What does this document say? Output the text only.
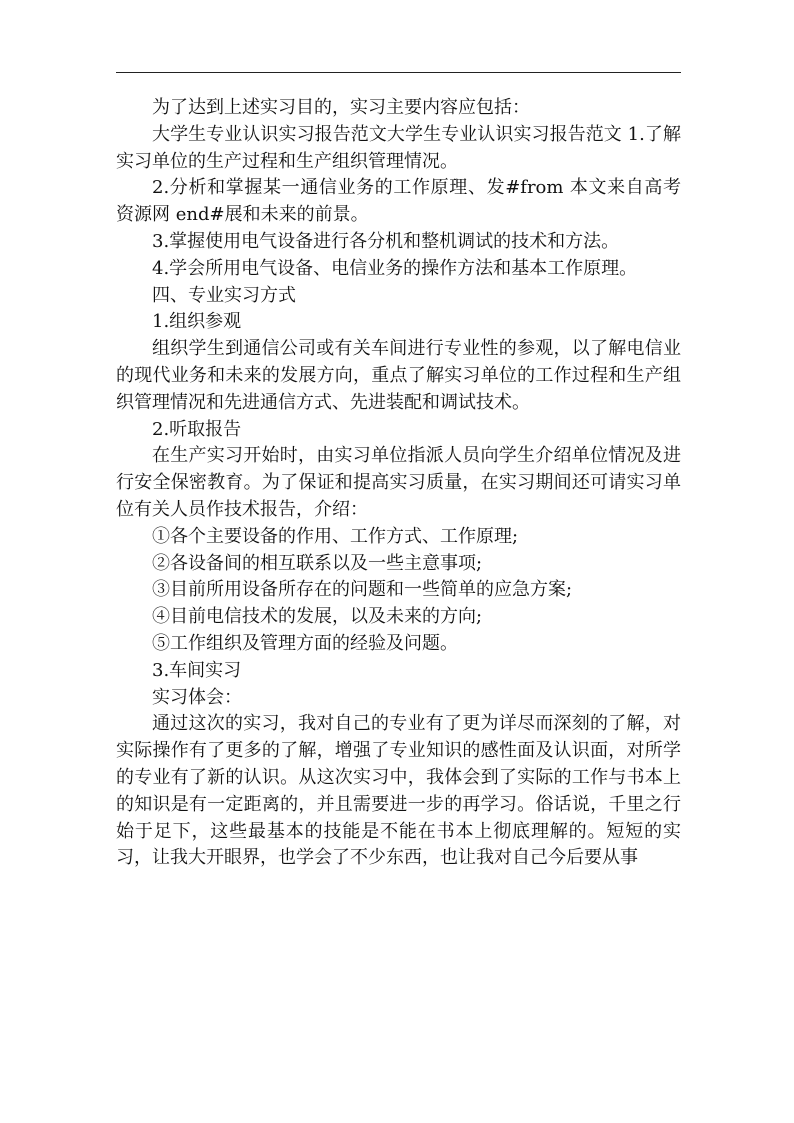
为了达到上述实习目的，实习主要内容应包括：

大学生专业认识实习报告范文大学生专业认识实习报告范文 1.了解实习单位的生产过程和生产组织管理情况。

2.分析和掌握某一通信业务的工作原理、发#from 本文来自高考资源网 end#展和未来的前景。

3.掌握使用电气设备进行各分机和整机调试的技术和方法。

4.学会所用电气设备、电信业务的操作方法和基本工作原理。

四、专业实习方式

1.组织参观

组织学生到通信公司或有关车间进行专业性的参观，以了解电信业的现代业务和未来的发展方向，重点了解实习单位的工作过程和生产组织管理情况和先进通信方式、先进装配和调试技术。

2.听取报告

在生产实习开始时，由实习单位指派人员向学生介绍单位情况及进行安全保密教育。为了保证和提高实习质量，在实习期间还可请实习单位有关人员作技术报告，介绍：

①各个主要设备的作用、工作方式、工作原理;

②各设备间的相互联系以及一些主意事项;

③目前所用设备所存在的问题和一些简单的应急方案;

④目前电信技术的发展，以及未来的方向;

⑤工作组织及管理方面的经验及问题。

3.车间实习

实习体会：

通过这次的实习，我对自己的专业有了更为详尽而深刻的了解，对实际操作有了更多的了解，增强了专业知识的感性面及认识面，对所学的专业有了新的认识。从这次实习中，我体会到了实际的工作与书本上的知识是有一定距离的，并且需要进一步的再学习。俗话说，千里之行始于足下，这些最基本的技能是不能在书本上彻底理解的。短短的实习，让我大开眼界，也学会了不少东西，也让我对自己今后要从事
